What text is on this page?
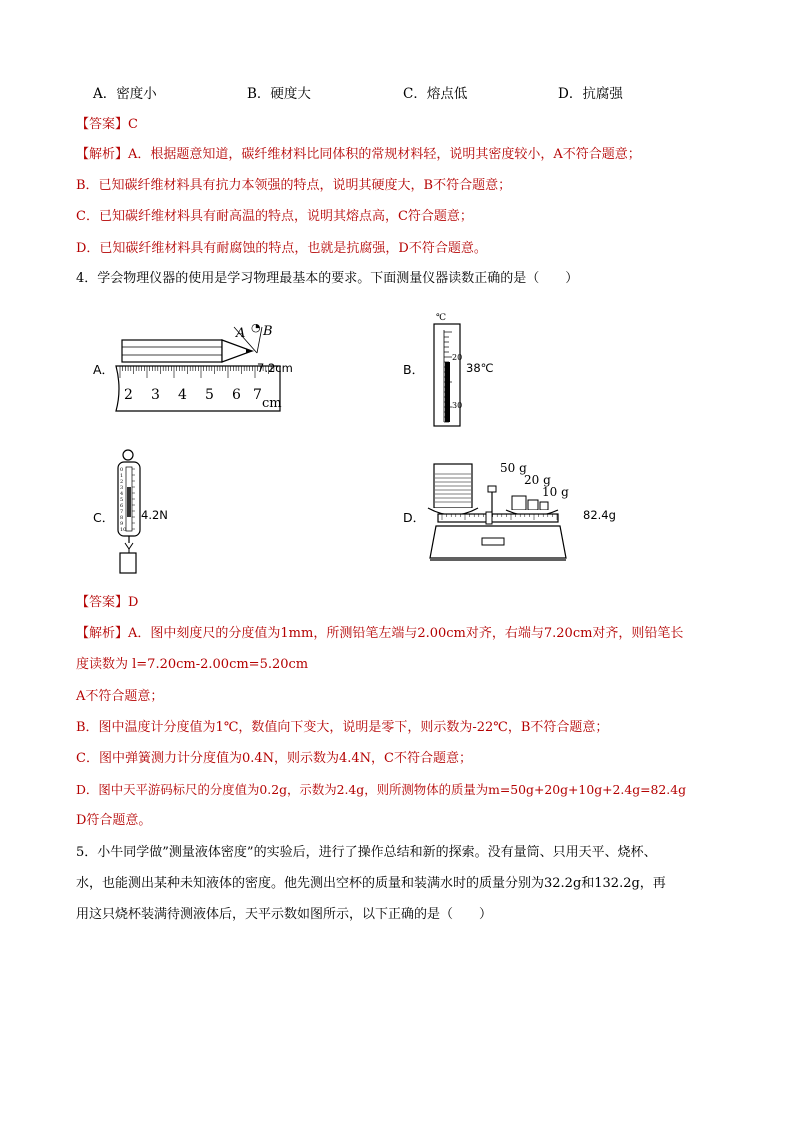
A．密度小	B．硬度大	C．熔点低	D．抗腐强
【答案】C
【解析】A．根据题意知道，碳纤维材料比同体积的常规材料轻，说明其密度较小，A不符合题意；
B．已知碳纤维材料具有抗力本领强的特点，说明其硬度大，B不符合题意；
C．已知碳纤维材料具有耐高温的特点，说明其熔点高，C符合题意；
D．已知碳纤维材料具有耐腐蚀的特点，也就是抗腐强，D不符合题意。
4．学会物理仪器的使用是学习物理最基本的要求。下面测量仪器读数正确的是（　　）
A．
A ◔ B
2 3 4 5 6 7
cm
7.2cm	B．
℃
20
30
38℃
C．
0
1
2
3
4
5
6
7
8
9
10
4.2N	D．
50 g
20 g
10 g
82.4g
【答案】D
【解析】A．图中刻度尺的分度值为1mm，所测铅笔左端与2.00cm对齐，右端与7.20cm对齐，则铅笔长
度读数为 l=7.20cm-2.00cm=5.20cm
A不符合题意；
B．图中温度计分度值为1℃，数值向下变大，说明是零下，则示数为-22℃，B不符合题意；
C．图中弹簧测力计分度值为0.4N，则示数为4.4N，C不符合题意；
D．图中天平游码标尺的分度值为0.2g，示数为2.4g，则所测物体的质量为m=50g+20g+10g+2.4g=82.4g
D符合题意。
5．小牛同学做”测量液体密度”的实验后，进行了操作总结和新的探索。没有量筒、只用天平、烧杯、
水，也能测出某种未知液体的密度。他先测出空杯的质量和装满水时的质量分别为32.2g和132.2g，再
用这只烧杯装满待测液体后，天平示数如图所示，以下正确的是（　　）
